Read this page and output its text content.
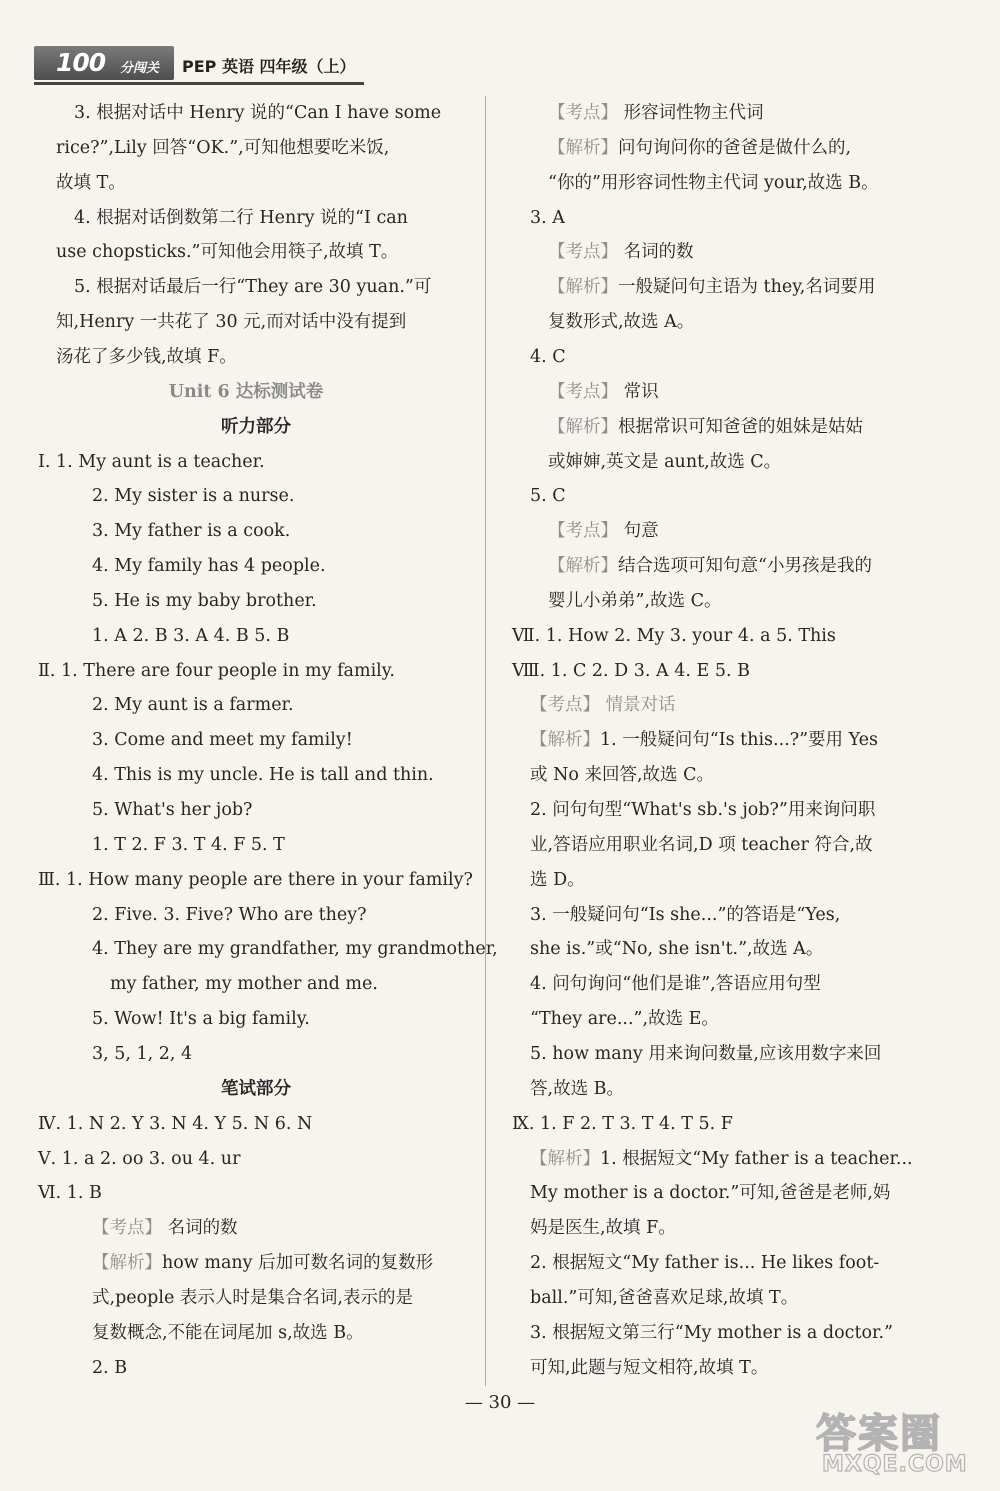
100 分闯关 PEP 英语 四年级（上）
3. 根据对话中 Henry 说的“Can I have some
rice?”,Lily 回答“OK.”,可知他想要吃米饭,
故填 T。
4. 根据对话倒数第二行 Henry 说的“I can
use chopsticks.”可知他会用筷子,故填 T。
5. 根据对话最后一行“They are 30 yuan.”可
知,Henry 一共花了 30 元,而对话中没有提到
汤花了多少钱,故填 F。
Unit 6 达标测试卷
听力部分
Ⅰ. 1. My aunt is a teacher.
2. My sister is a nurse.
3. My father is a cook.
4. My family has 4 people.
5. He is my baby brother.
1. A 2. B 3. A 4. B 5. B
Ⅱ. 1. There are four people in my family.
2. My aunt is a farmer.
3. Come and meet my family!
4. This is my uncle. He is tall and thin.
5. What's her job?
1. T 2. F 3. T 4. F 5. T
Ⅲ. 1. How many people are there in your family?
2. Five. 3. Five? Who are they?
4. They are my grandfather, my grandmother,
my father, my mother and me.
5. Wow! It's a big family.
3, 5, 1, 2, 4
笔试部分
Ⅳ. 1. N 2. Y 3. N 4. Y 5. N 6. N
Ⅴ. 1. a 2. oo 3. ou 4. ur
Ⅵ. 1. B
【考点】 名词的数
【解析】how many 后加可数名词的复数形
式,people 表示人时是集合名词,表示的是
复数概念,不能在词尾加 s,故选 B。
2. B
【考点】 形容词性物主代词
【解析】问句询问你的爸爸是做什么的,
“你的”用形容词性物主代词 your,故选 B。
3. A
【考点】 名词的数
【解析】一般疑问句主语为 they,名词要用
复数形式,故选 A。
4. C
【考点】 常识
【解析】根据常识可知爸爸的姐妹是姑姑
或婶婶,英文是 aunt,故选 C。
5. C
【考点】 句意
【解析】结合选项可知句意“小男孩是我的
婴儿小弟弟”,故选 C。
Ⅶ. 1. How 2. My 3. your 4. a 5. This
Ⅷ. 1. C 2. D 3. A 4. E 5. B
【考点】 情景对话
【解析】1. 一般疑问句“Is this...?”要用 Yes
或 No 来回答,故选 C。
2. 问句句型“What's sb.'s job?”用来询问职
业,答语应用职业名词,D 项 teacher 符合,故
选 D。
3. 一般疑问句“Is she...”的答语是“Yes,
she is.”或“No, she isn't.”,故选 A。
4. 问句询问“他们是谁”,答语应用句型
“They are...”,故选 E。
5. how many 用来询问数量,应该用数字来回
答,故选 B。
Ⅸ. 1. F 2. T 3. T 4. T 5. F
【解析】1. 根据短文“My father is a teacher...
My mother is a doctor.”可知,爸爸是老师,妈
妈是医生,故填 F。
2. 根据短文“My father is... He likes foot-
ball.”可知,爸爸喜欢足球,故填 T。
3. 根据短文第三行“My mother is a doctor.”
可知,此题与短文相符,故填 T。
— 30 —
答案圈
MXQE.COM
